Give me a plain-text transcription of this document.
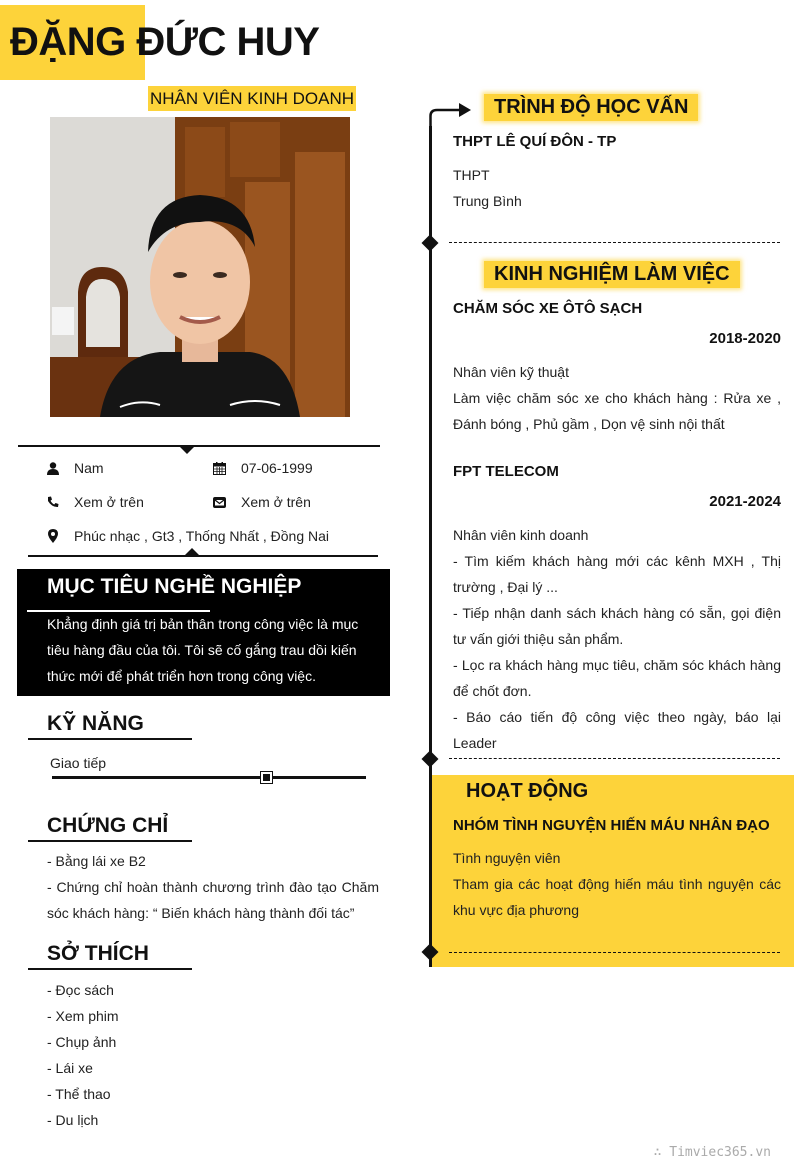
ĐẶNG ĐỨC HUY
NHÂN VIÊN KINH DOANH
Nam	07-06-1999
Xem ở trên	Xem ở trên
Phúc nhạc , Gt3 , Thống Nhất , Đồng Nai
MỤC TIÊU NGHỀ NGHIỆP
Khẳng định giá trị bản thân trong công việc là mục tiêu hàng đầu của tôi. Tôi sẽ cố gắng trau dồi kiến thức mới để phát triển hơn trong công việc.
KỸ NĂNG
Giao tiếp
CHỨNG CHỈ
- Bằng lái xe B2
- Chứng chỉ hoàn thành chương trình đào tạo Chăm sóc khách hàng: “ Biến khách hàng thành đối tác”
SỞ THÍCH
- Đọc sách
- Xem phim
- Chụp ảnh
- Lái xe
- Thể thao
- Du lịch
TRÌNH ĐỘ HỌC VẤN
THPT LÊ QUÍ ĐÔN - TP
THPT
Trung Bình
KINH NGHIỆM LÀM VIỆC
CHĂM SÓC XE ÔTÔ SẠCH
2018-2020
Nhân viên kỹ thuật
Làm việc chăm sóc xe cho khách hàng : Rửa xe , Đánh bóng , Phủ gầm , Dọn vệ sinh nội thất
FPT TELECOM
2021-2024
Nhân viên kinh doanh
- Tìm kiếm khách hàng mới các kênh MXH , Thị trường , Đại lý ...
- Tiếp nhận danh sách khách hàng có sẵn, gọi điện tư vấn giới thiệu sản phẩm.
- Lọc ra khách hàng mục tiêu, chăm sóc khách hàng để chốt đơn.
- Báo cáo tiến độ công việc theo ngày, báo lại Leader
HOẠT ĐỘNG
NHÓM TÌNH NGUYỆN HIẾN MÁU NHÂN ĐẠO
Tình nguyện viên
Tham gia các hoạt động hiến máu tình nguyện các khu vực địa phương
∴ Timviec365.vn
